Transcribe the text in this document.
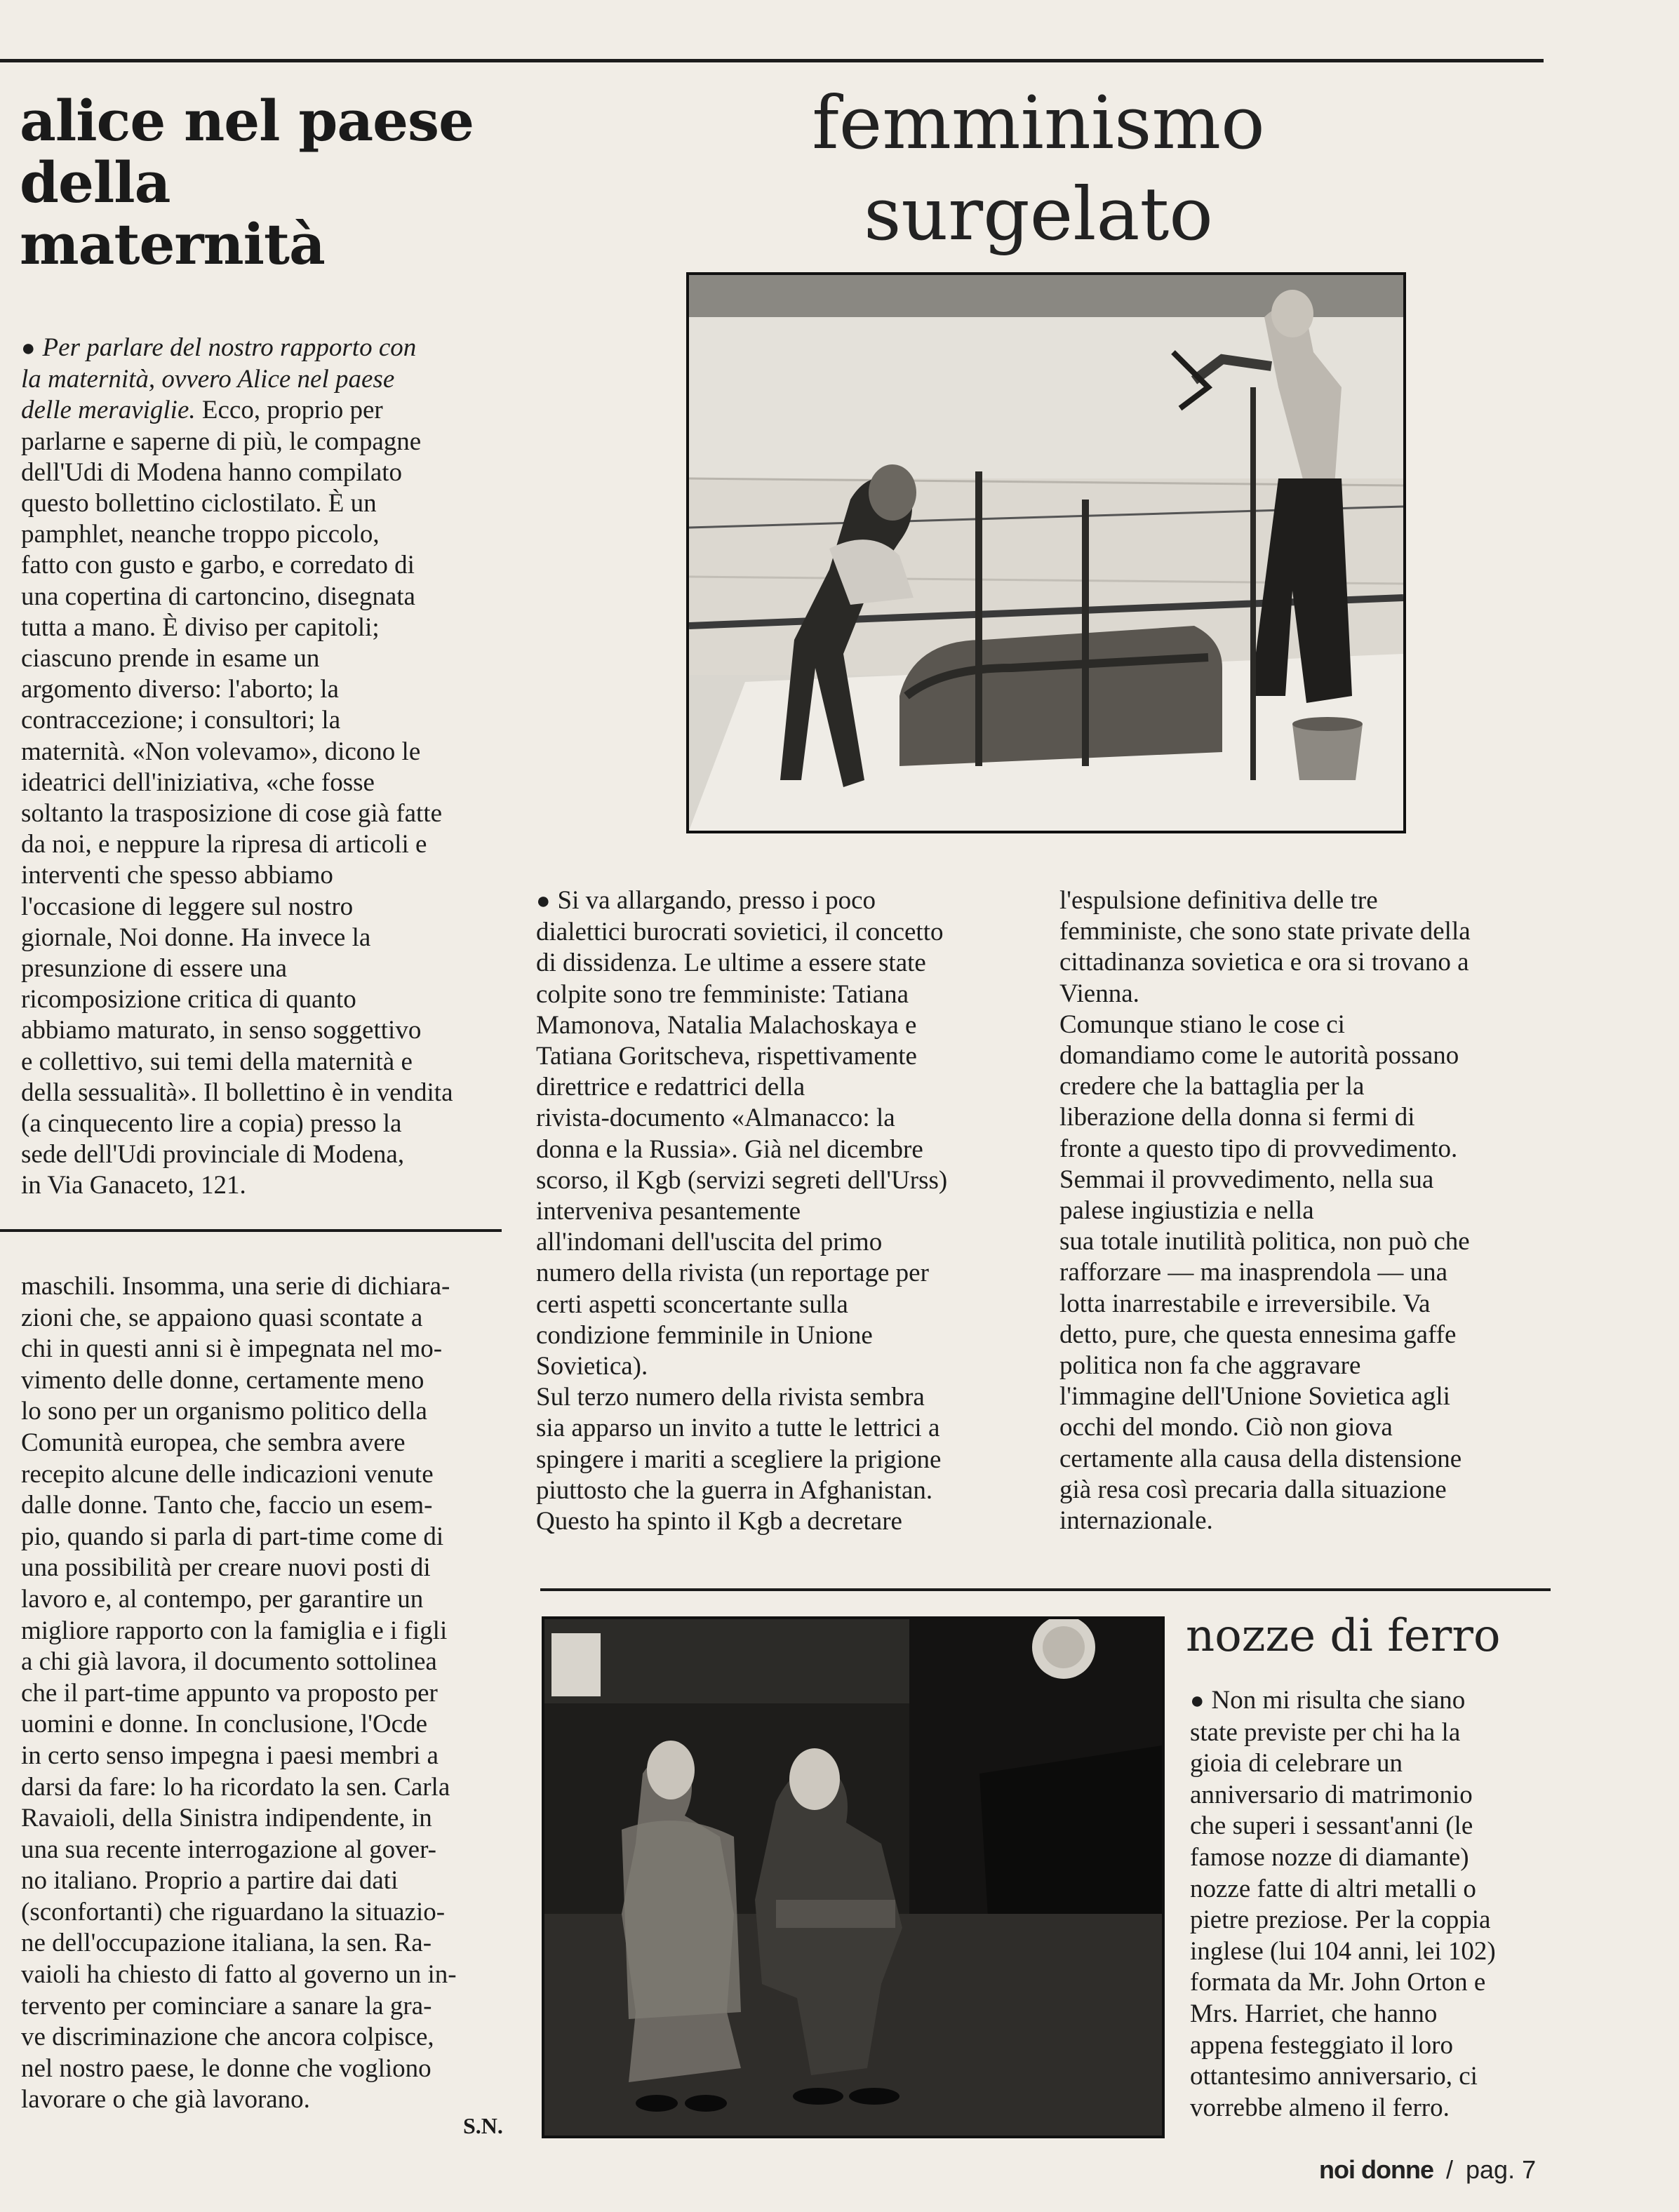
alice nel paese
della
maternità
● Per parlare del nostro rapporto con
la maternità, ovvero Alice nel paese
delle meraviglie. Ecco, proprio per
parlarne e saperne di più, le compagne
dell'Udi di Modena hanno compilato
questo bollettino ciclostilato. È un
pamphlet, neanche troppo piccolo,
fatto con gusto e garbo, e corredato di
una copertina di cartoncino, disegnata
tutta a mano. È diviso per capitoli;
ciascuno prende in esame un
argomento diverso: l'aborto; la
contraccezione; i consultori; la
maternità. «Non volevamo», dicono le
ideatrici dell'iniziativa, «che fosse
soltanto la trasposizione di cose già fatte
da noi, e neppure la ripresa di articoli e
interventi che spesso abbiamo
l'occasione di leggere sul nostro
giornale, Noi donne. Ha invece la
presunzione di essere una
ricomposizione critica di quanto
abbiamo maturato, in senso soggettivo
e collettivo, sui temi della maternità e
della sessualità». Il bollettino è in vendita
(a cinquecento lire a copia) presso la
sede dell'Udi provinciale di Modena,
in Via Ganaceto, 121.
maschili. Insomma, una serie di dichiara-
zioni che, se appaiono quasi scontate a
chi in questi anni si è impegnata nel mo-
vimento delle donne, certamente meno
lo sono per un organismo politico della
Comunità europea, che sembra avere
recepito alcune delle indicazioni venute
dalle donne. Tanto che, faccio un esem-
pio, quando si parla di part-time come di
una possibilità per creare nuovi posti di
lavoro e, al contempo, per garantire un
migliore rapporto con la famiglia e i figli
a chi già lavora, il documento sottolinea
che il part-time appunto va proposto per
uomini e donne. In conclusione, l'Ocde
in certo senso impegna i paesi membri a
darsi da fare: lo ha ricordato la sen. Carla
Ravaioli, della Sinistra indipendente, in
una sua recente interrogazione al gover-
no italiano. Proprio a partire dai dati
(sconfortanti) che riguardano la situazio-
ne dell'occupazione italiana, la sen. Ra-
vaioli ha chiesto di fatto al governo un in-
tervento per cominciare a sanare la gra-
ve discriminazione che ancora colpisce,
nel nostro paese, le donne che vogliono
lavorare o che già lavorano.
S.N.
femminismo
surgelato
● Si va allargando, presso i poco
dialettici burocrati sovietici, il concetto
di dissidenza. Le ultime a essere state
colpite sono tre femministe: Tatiana
Mamonova, Natalia Malachoskaya e
Tatiana Goritscheva, rispettivamente
direttrice e redattrici della
rivista-documento «Almanacco: la
donna e la Russia». Già nel dicembre
scorso, il Kgb (servizi segreti dell'Urss)
interveniva pesantemente
all'indomani dell'uscita del primo
numero della rivista (un reportage per
certi aspetti sconcertante sulla
condizione femminile in Unione
Sovietica).
Sul terzo numero della rivista sembra
sia apparso un invito a tutte le lettrici a
spingere i mariti a scegliere la prigione
piuttosto che la guerra in Afghanistan.
Questo ha spinto il Kgb a decretare
l'espulsione definitiva delle tre
femministe, che sono state private della
cittadinanza sovietica e ora si trovano a
Vienna.
Comunque stiano le cose ci
domandiamo come le autorità possano
credere che la battaglia per la
liberazione della donna si fermi di
fronte a questo tipo di provvedimento.
Semmai il provvedimento, nella sua
palese ingiustizia e nella
sua totale inutilità politica, non può che
rafforzare — ma inasprendola — una
lotta inarrestabile e irreversibile. Va
detto, pure, che questa ennesima gaffe
politica non fa che aggravare
l'immagine dell'Unione Sovietica agli
occhi del mondo. Ciò non giova
certamente alla causa della distensione
già resa così precaria dalla situazione
internazionale.
nozze di ferro
● Non mi risulta che siano
state previste per chi ha la
gioia di celebrare un
anniversario di matrimonio
che superi i sessant'anni (le
famose nozze di diamante)
nozze fatte di altri metalli o
pietre preziose. Per la coppia
inglese (lui 104 anni, lei 102)
formata da Mr. John Orton e
Mrs. Harriet, che hanno
appena festeggiato il loro
ottantesimo anniversario, ci
vorrebbe almeno il ferro.
noi donne / pag. 7
